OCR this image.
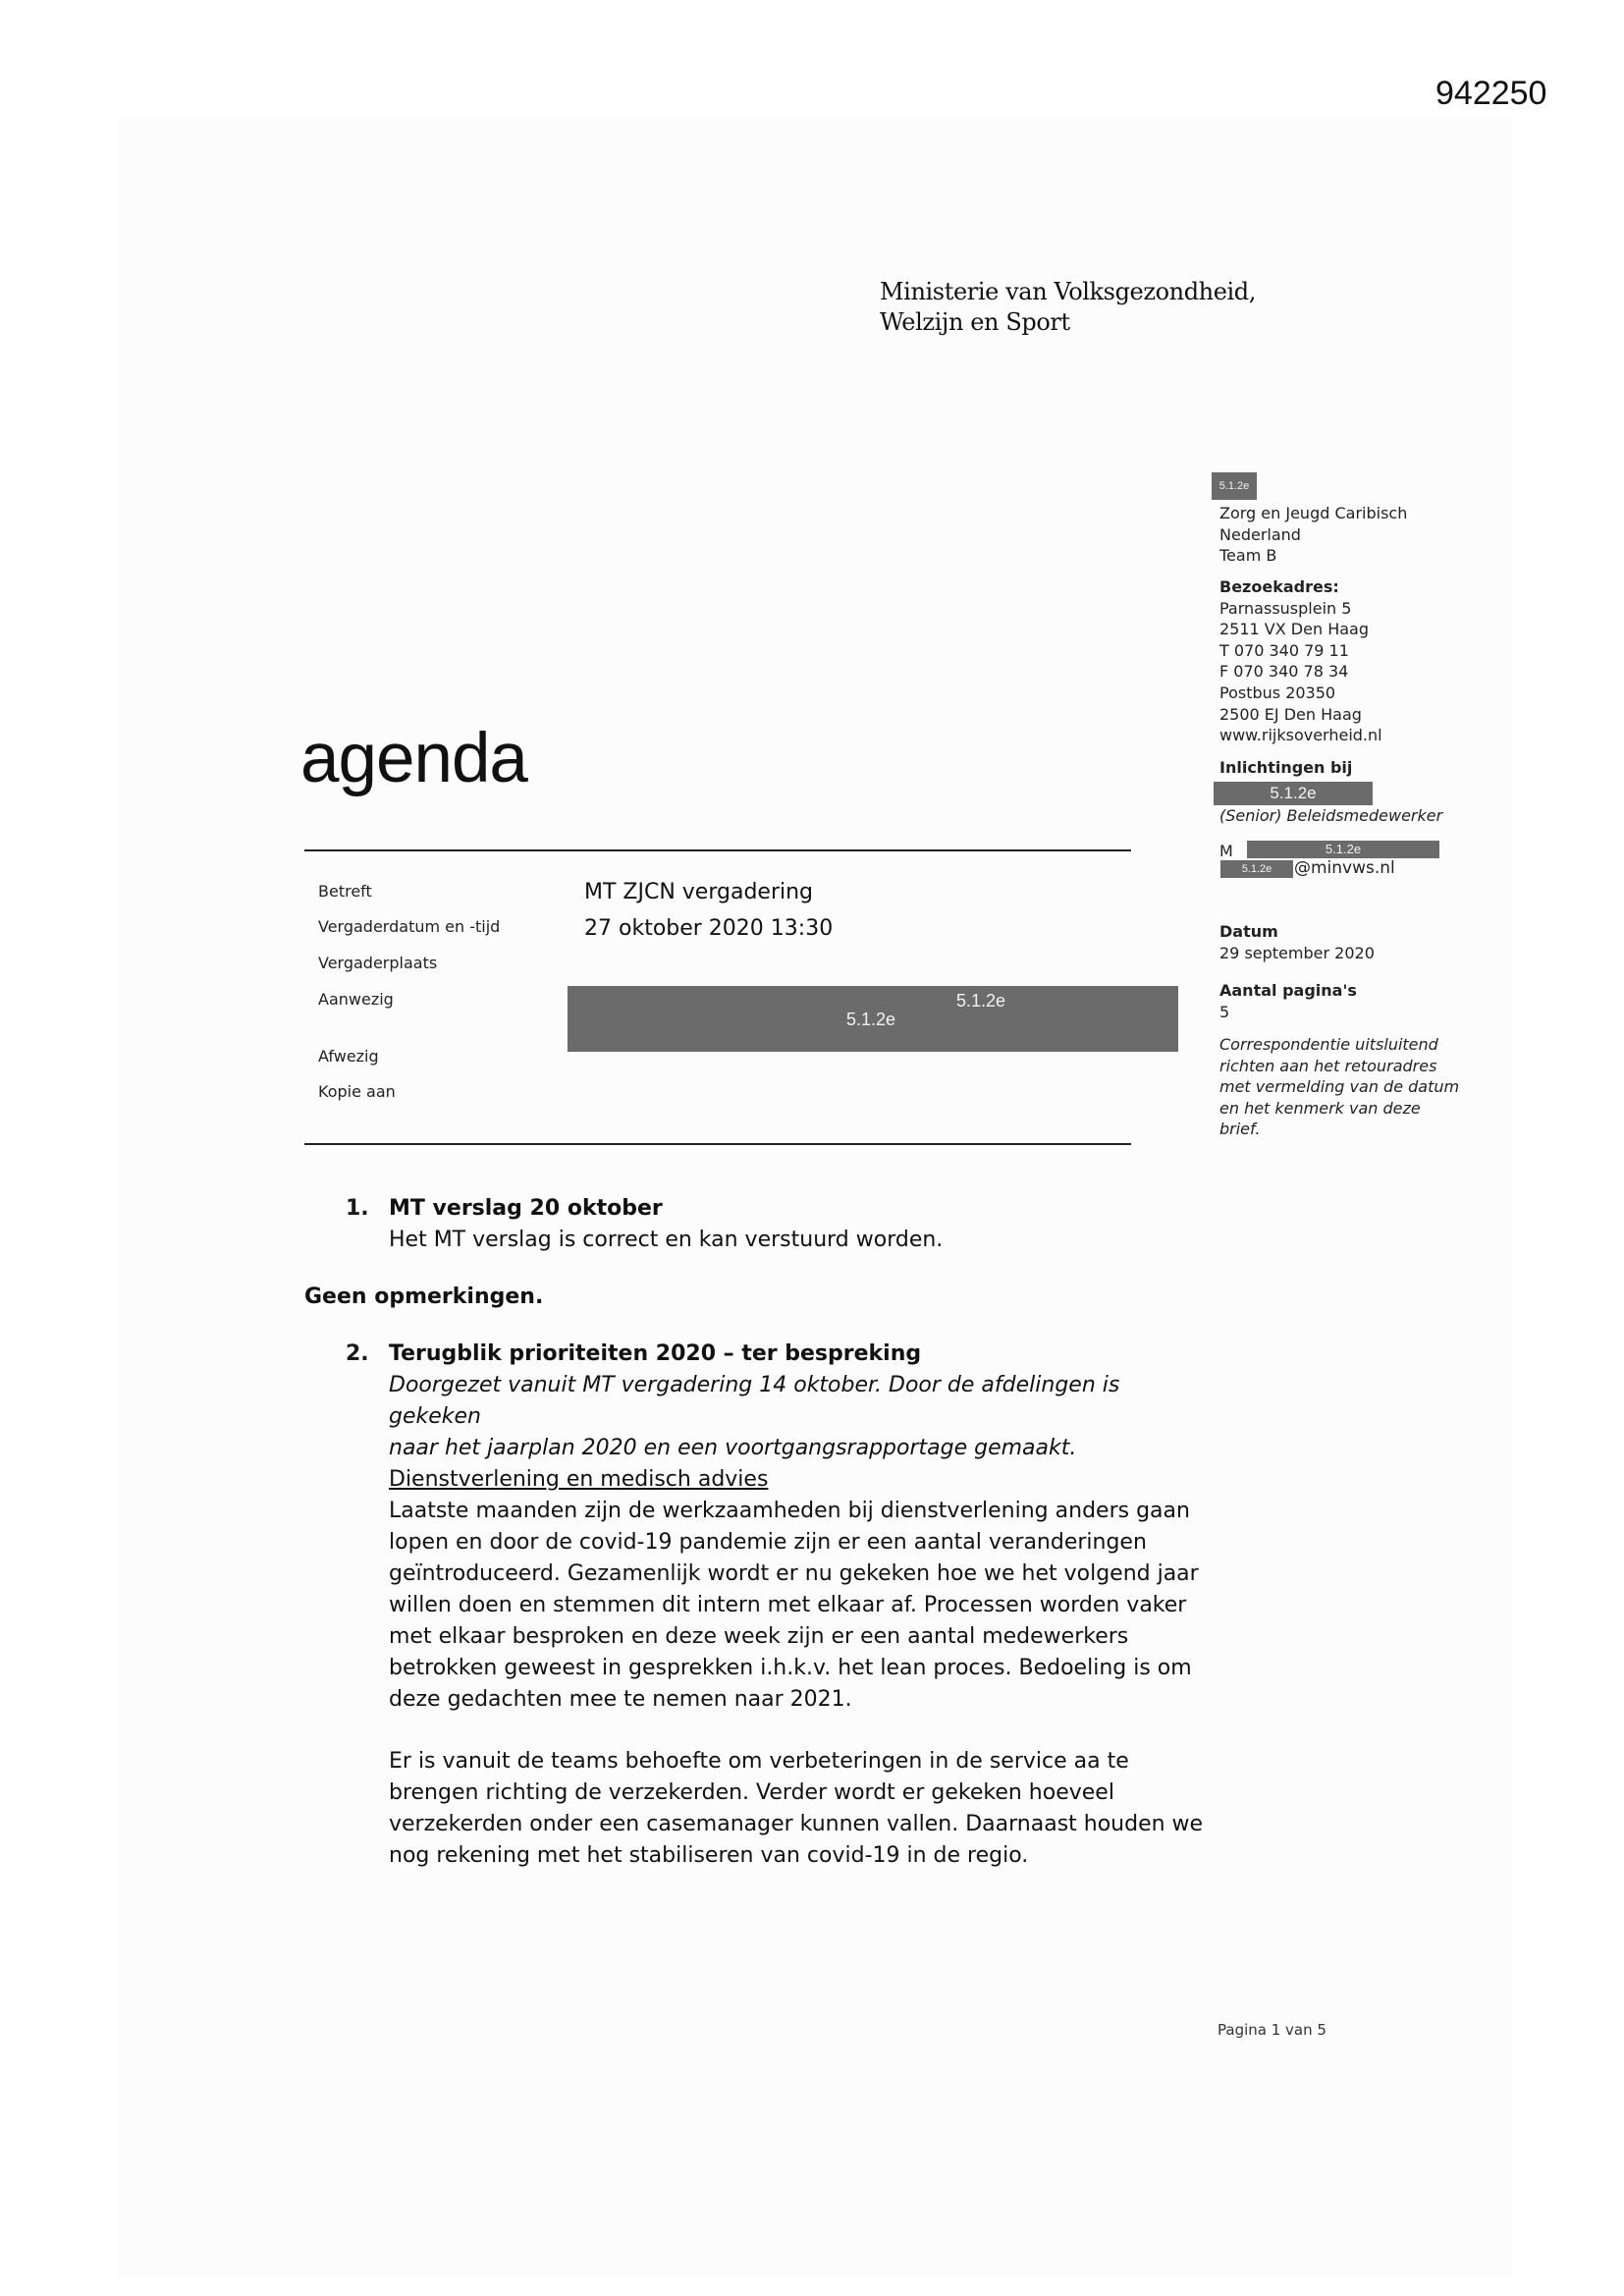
942250
Ministerie van Volksgezondheid,
Welzijn en Sport
agenda
Betreft	MT ZJCN vergadering
Vergaderdatum en -tijd	27 oktober 2020 13:30
Vergaderplaats
Aanwezig	5.1.2e
5.1.2e
Afwezig
Kopie aan
5.1.2e
Zorg en Jeugd Caribisch
Nederland
Team B
Bezoekadres:
Parnassusplein 5
2511 VX Den Haag
T 070 340 79 11
F 070 340 78 34
Postbus 20350
2500 EJ Den Haag
www.rijksoverheid.nl
Inlichtingen bij
5.1.2e
(Senior) Beleidsmedewerker
M	5.1.2e
5.1.2e	@minvws.nl
Datum
29 september 2020
Aantal pagina's
5
Correspondentie uitsluitend
richten aan het retouradres
met vermelding van de datum
en het kenmerk van deze
brief.
1. MT verslag 20 oktober
Het MT verslag is correct en kan verstuurd worden.
Geen opmerkingen.
2. Terugblik prioriteiten 2020 – ter bespreking
Doorgezet vanuit MT vergadering 14 oktober. Door de afdelingen is gekeken
naar het jaarplan 2020 en een voortgangsrapportage gemaakt.
Dienstverlening en medisch advies
Laatste maanden zijn de werkzaamheden bij dienstverlening anders gaan
lopen en door de covid-19 pandemie zijn er een aantal veranderingen
geïntroduceerd. Gezamenlijk wordt er nu gekeken hoe we het volgend jaar
willen doen en stemmen dit intern met elkaar af. Processen worden vaker
met elkaar besproken en deze week zijn er een aantal medewerkers
betrokken geweest in gesprekken i.h.k.v. het lean proces. Bedoeling is om
deze gedachten mee te nemen naar 2021.
Er is vanuit de teams behoefte om verbeteringen in de service aa te
brengen richting de verzekerden. Verder wordt er gekeken hoeveel
verzekerden onder een casemanager kunnen vallen. Daarnaast houden we
nog rekening met het stabiliseren van covid-19 in de regio.
Pagina 1 van 5
